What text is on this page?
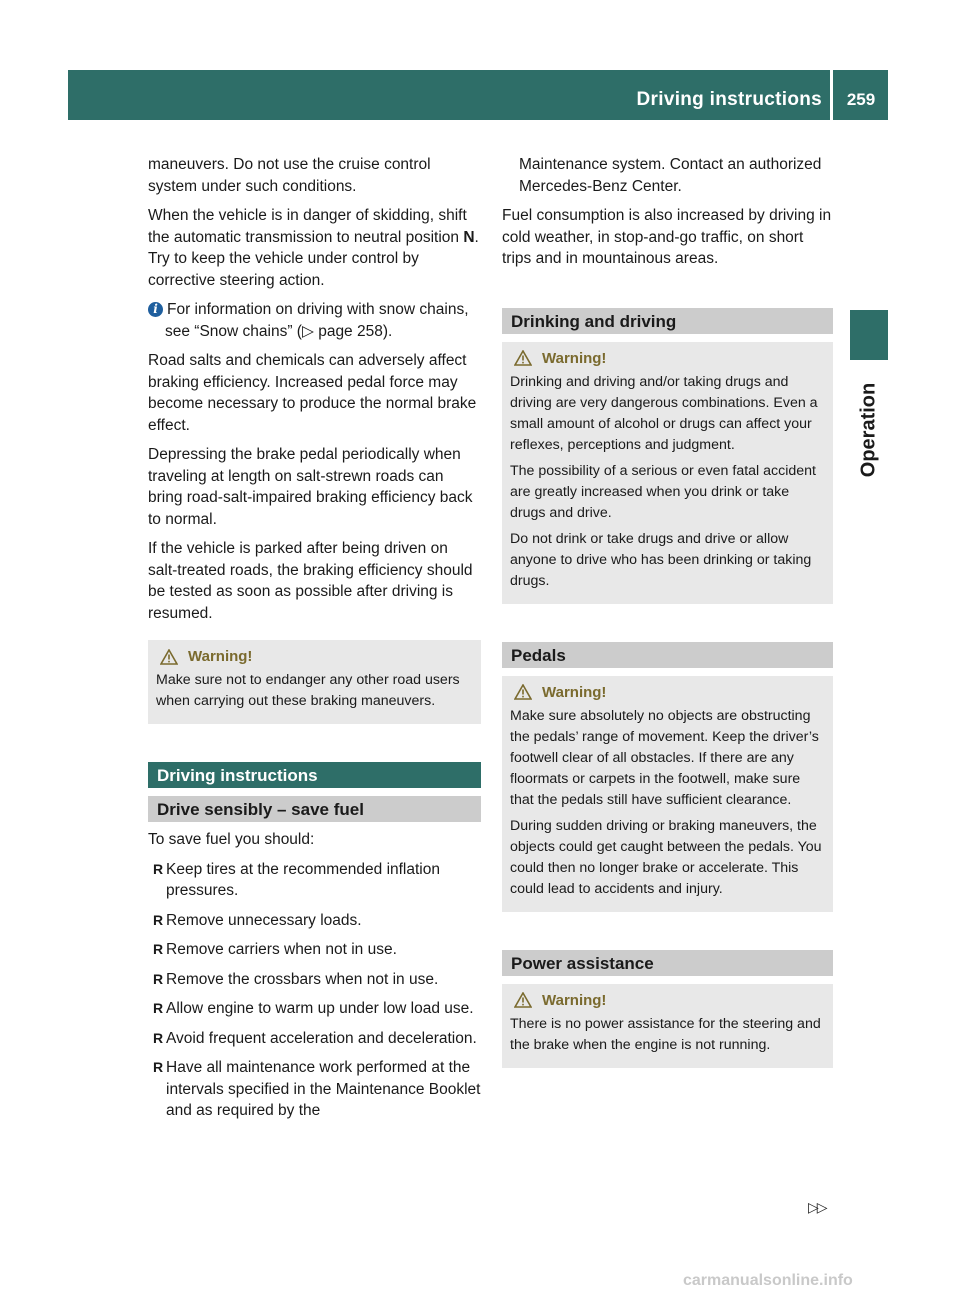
Driving instructions	259
Operation

maneuvers. Do not use the cruise control system under such conditions.

When the vehicle is in danger of skidding, shift the automatic transmission to neutral position N. Try to keep the vehicle under control by corrective steering action.

i For information on driving with snow chains, see “Snow chains” (▷ page 258).

Road salts and chemicals can adversely affect braking efficiency. Increased pedal force may become necessary to produce the normal brake effect.

Depressing the brake pedal periodically when traveling at length on salt-strewn roads can bring road-salt-impaired braking efficiency back to normal.

If the vehicle is parked after being driven on salt-treated roads, the braking efficiency should be tested as soon as possible after driving is resumed.

Warning!

Make sure not to endanger any other road users when carrying out these braking maneuvers.

Driving instructions
Drive sensibly – save fuel

To save fuel you should:

R Keep tires at the recommended inflation pressures.
R Remove unnecessary loads.
R Remove carriers when not in use.
R Remove the crossbars when not in use.
R Allow engine to warm up under low load use.
R Avoid frequent acceleration and deceleration.
R Have all maintenance work performed at the intervals specified in the Maintenance Booklet and as required by the

Maintenance system. Contact an authorized Mercedes-Benz Center.

Fuel consumption is also increased by driving in cold weather, in stop-and-go traffic, on short trips and in mountainous areas.

Drinking and driving
Warning!

Drinking and driving and/or taking drugs and driving are very dangerous combinations. Even a small amount of alcohol or drugs can affect your reflexes, perceptions and judgment.

The possibility of a serious or even fatal accident are greatly increased when you drink or take drugs and drive.

Do not drink or take drugs and drive or allow anyone to drive who has been drinking or taking drugs.

Pedals
Warning!

Make sure absolutely no objects are obstructing the pedals’ range of movement. Keep the driver’s footwell clear of all obstacles. If there are any floormats or carpets in the footwell, make sure that the pedals still have sufficient clearance.

During sudden driving or braking maneuvers, the objects could get caught between the pedals. You could then no longer brake or accelerate. This could lead to accidents and injury.

Power assistance
Warning!

There is no power assistance for the steering and the brake when the engine is not running.

▷▷
carmanualsonline.info
